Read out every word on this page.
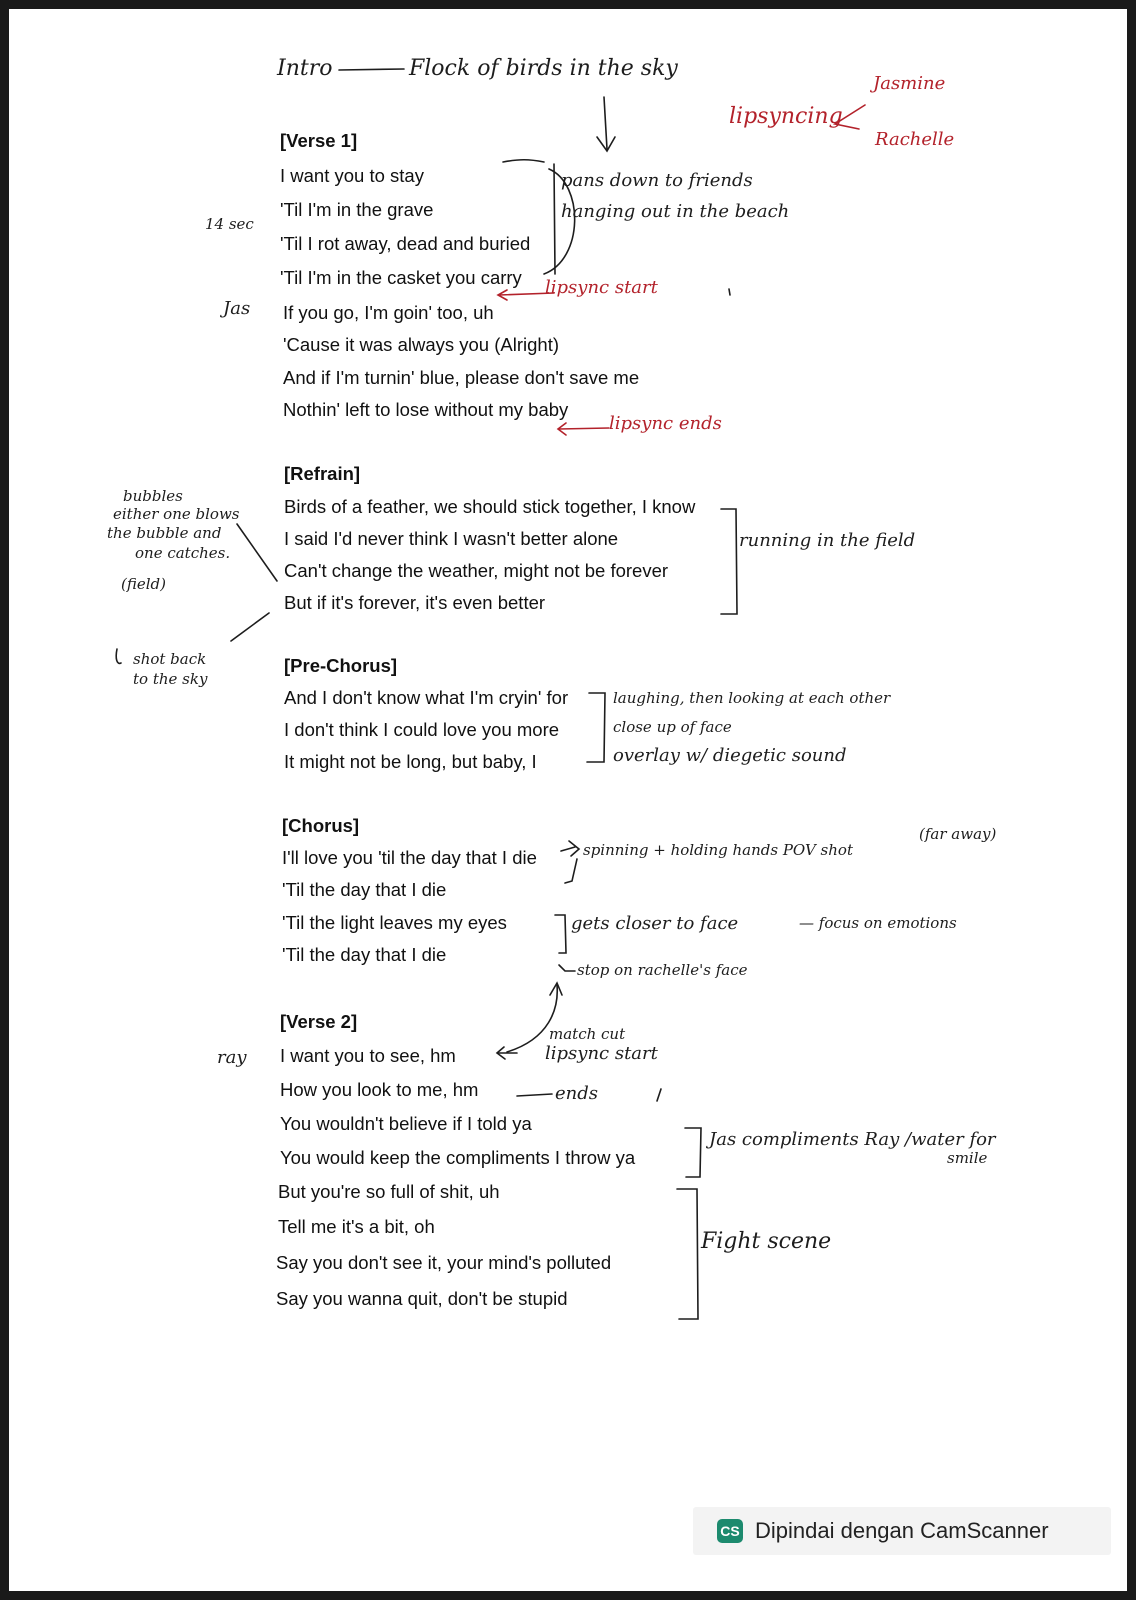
[Verse 1]
I want you to stay
'Til I'm in the grave
'Til I rot away, dead and buried
'Til I'm in the casket you carry
If you go, I'm goin' too, uh
'Cause it was always you (Alright)
And if I'm turnin' blue, please don't save me
Nothin' left to lose without my baby
[Refrain]
Birds of a feather, we should stick together, I know
I said I'd never think I wasn't better alone
Can't change the weather, might not be forever
But if it's forever, it's even better
[Pre-Chorus]
And I don't know what I'm cryin' for
I don't think I could love you more
It might not be long, but baby, I
[Chorus]
I'll love you 'til the day that I die
'Til the day that I die
'Til the light leaves my eyes
'Til the day that I die
[Verse 2]
I want you to see, hm
How you look to me, hm
You wouldn't believe if I told ya
You would keep the compliments I throw ya
But you're so full of shit, uh
Tell me it's a bit, oh
Say you don't see it, your mind's polluted
Say you wanna quit, don't be stupid
Intro	Flock of birds in the sky
lipsyncing
Jasmine
Rachelle
pans down to friends
hanging out in the beach
14 sec
Jas
lipsync start
lipsync ends
bubbles
either one blows
the bubble and
one catches.
(field)
shot back
to the sky
running in the field
laughing, then looking at each other
close up of face
overlay w/ diegetic sound
spinning + holding hands POV shot
(far away)
gets closer to face	— focus on emotions
stop on rachelle's face
match cut
ray	lipsync start
ends
Jas compliments Ray /water for
smile
Fight scene
CS Dipindai dengan CamScanner
